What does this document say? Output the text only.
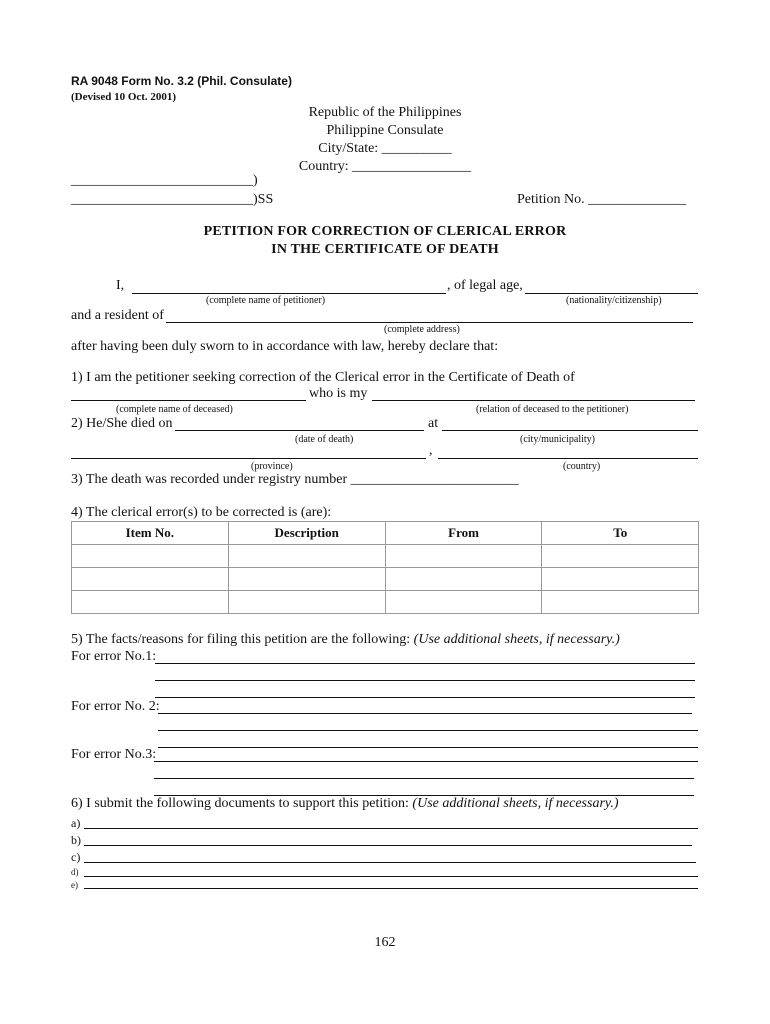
RA 9048 Form No. 3.2 (Phil. Consulate)
(Devised 10 Oct. 2001)
Republic of the Philippines
Philippine Consulate
City/State: __________
Country: _________________
__________________________)
__________________________)SS	Petition No. ______________
PETITION FOR CORRECTION OF CLERICAL ERROR
IN THE CERTIFICATE OF DEATH
I,	, of legal age,
(complete name of petitioner)	(nationality/citizenship)
and a resident of
(complete address)
after having been duly sworn to in accordance with law, hereby declare that:
1) I am the petitioner seeking correction of the Clerical error in the Certificate of Death of
who is my
(complete name of deceased)	(relation of deceased to the petitioner)
2) He/She died on	at
(date of death)	(city/municipality)
,
(province)	(country)
3) The death was recorded under registry number ________________________
4) The clerical error(s) to be corrected is (are):
Item No.	Description	From	To

5) The facts/reasons for filing this petition are the following: (Use additional sheets, if necessary.)
For error No.1:
For error No. 2:
For error No.3:
6) I submit the following documents to support this petition: (Use additional sheets, if necessary.)
a)
b)
c)
d)
e)
162
